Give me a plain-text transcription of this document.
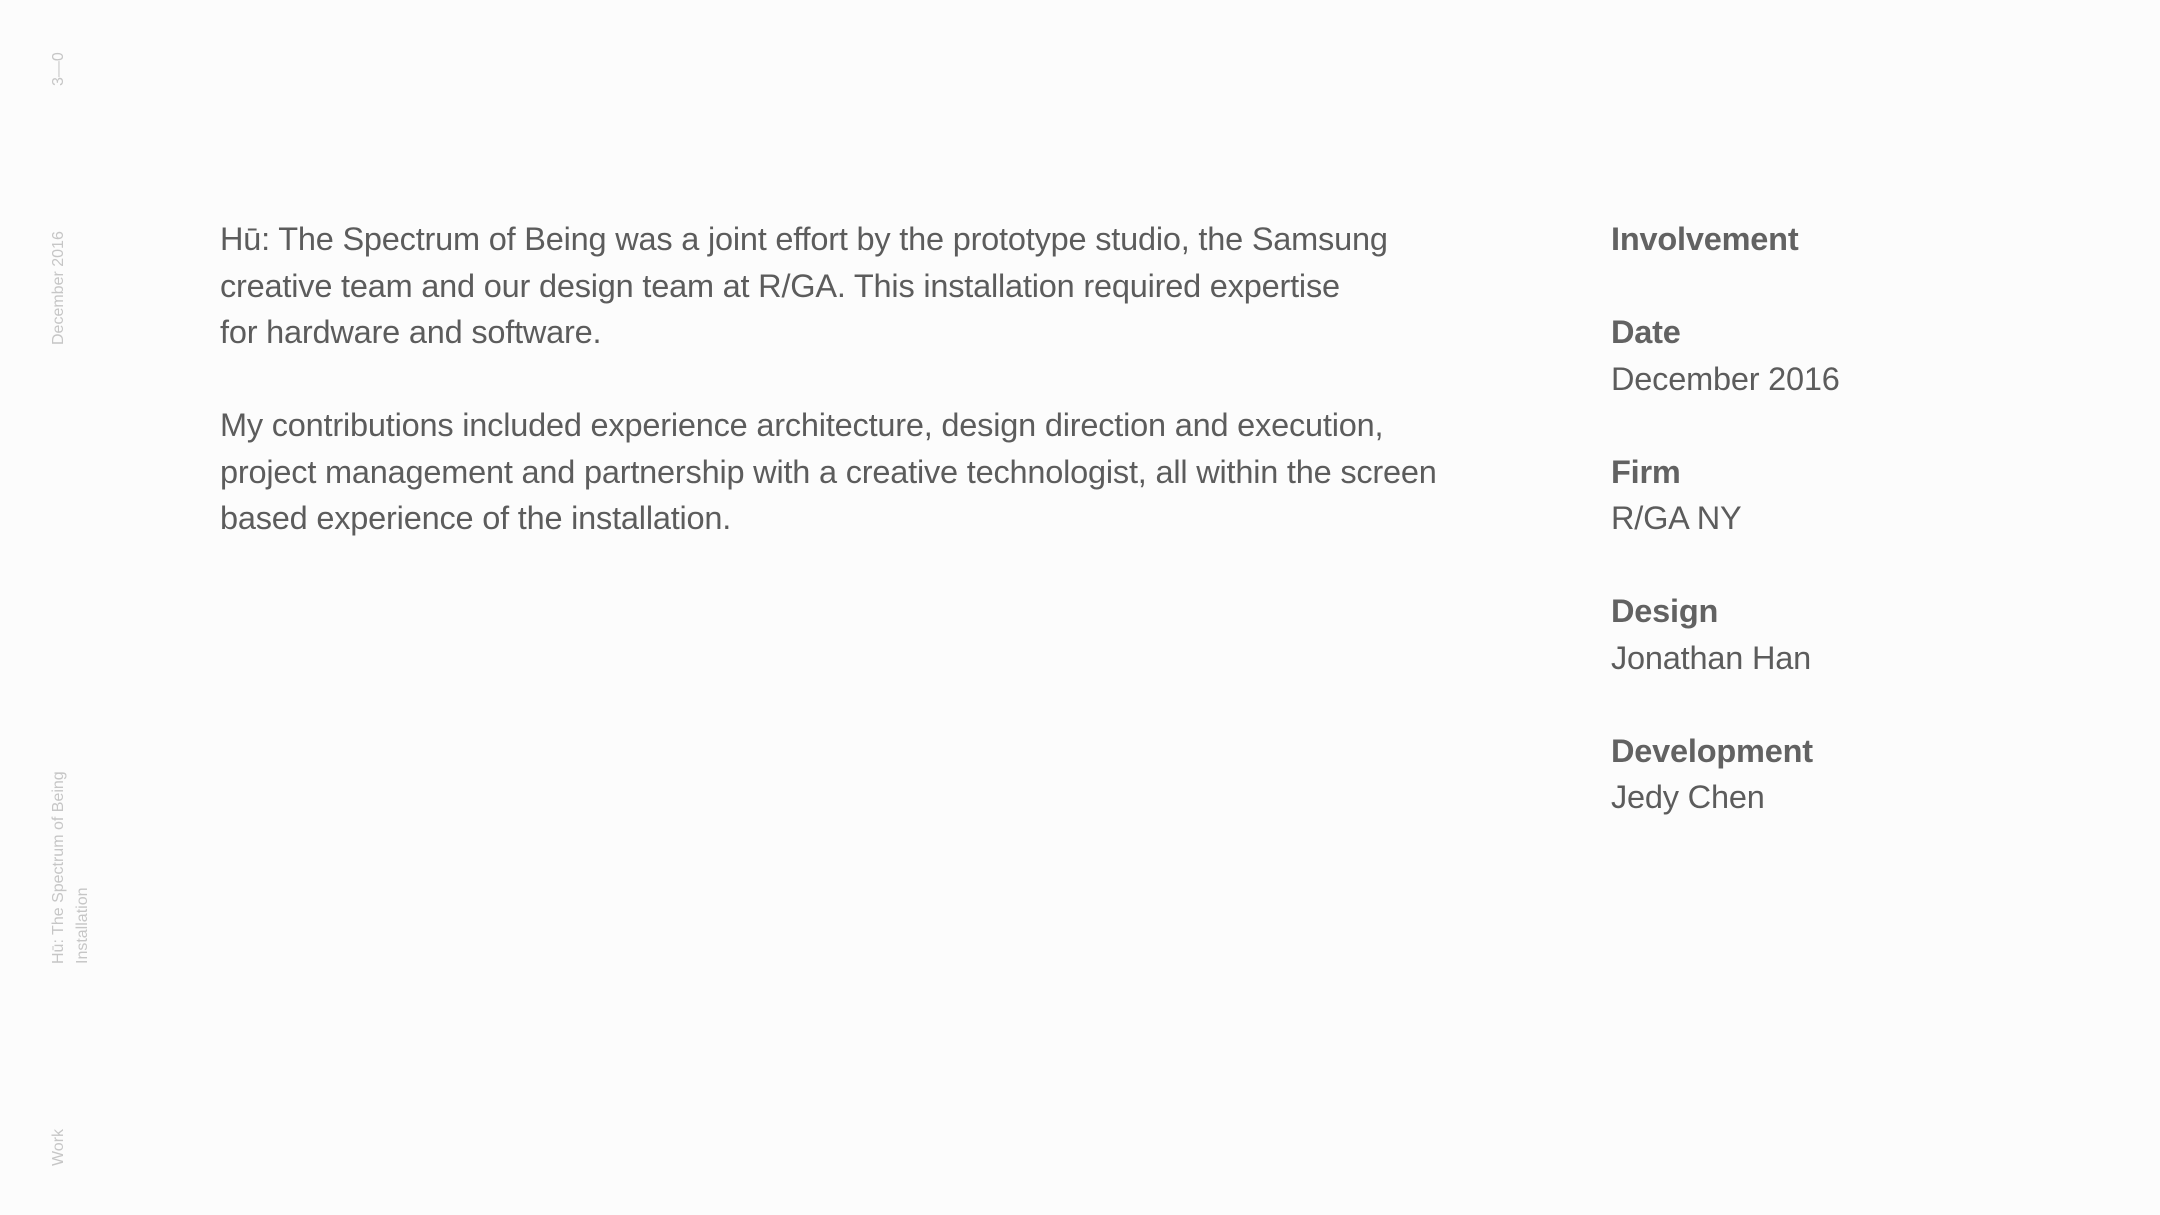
3—0
December 2016
Hū: The Spectrum of Being Installation
Work

Hū: The Spectrum of Being was a joint effort by the prototype studio, the Samsung
creative team and our design team at R/GA. This installation required expertise
for hardware and software.

My contributions included experience architecture, design direction and execution,
project management and partnership with a creative technologist, all within the screen
based experience of the installation.

Involvement
Date
December 2016
Firm
R/GA NY
Design
Jonathan Han
Development
Jedy Chen
